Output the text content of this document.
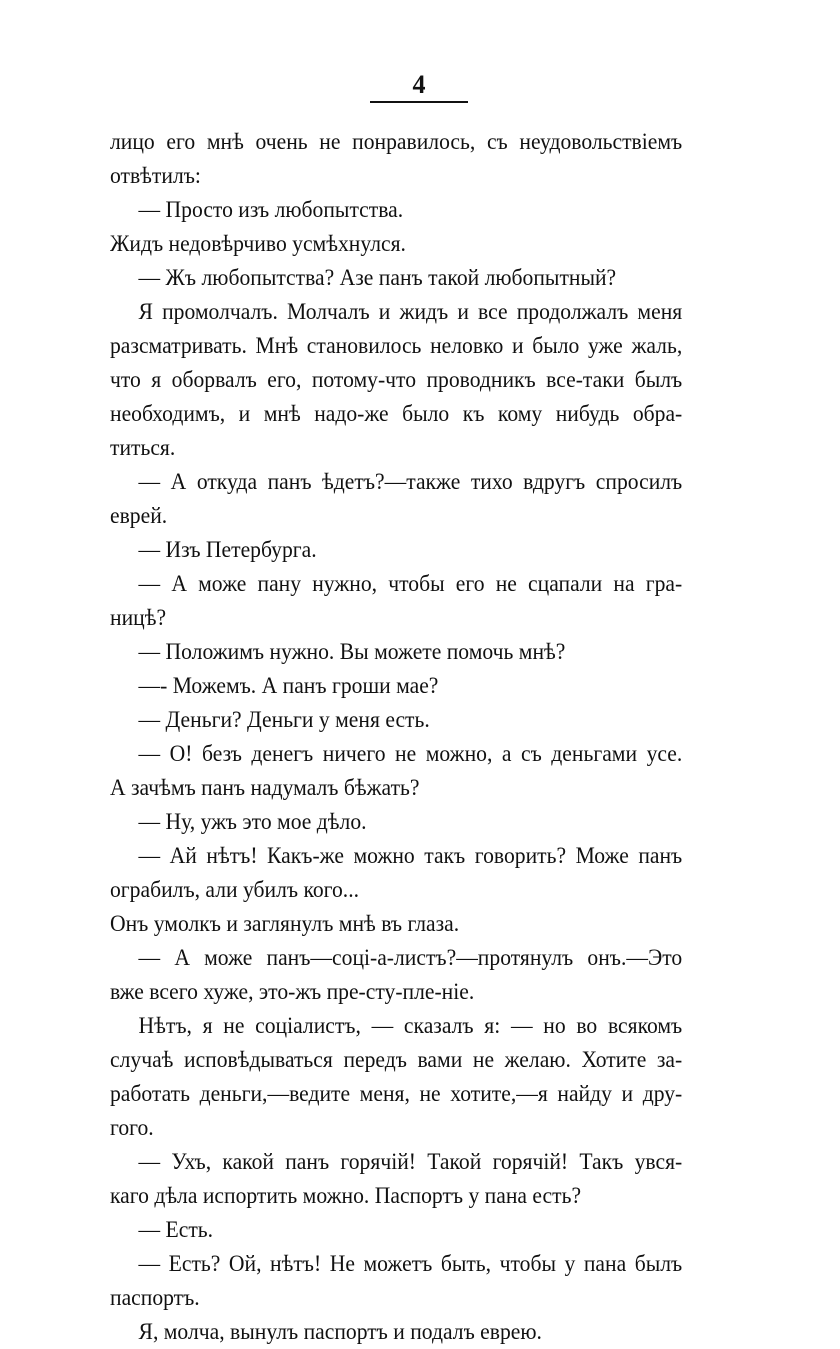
4
лицо его мнѣ очень не понравилось, съ неудовольствіемъ
отвѣтилъ:
— Просто изъ любопытства.
Жидъ недовѣрчиво усмѣхнулся.
— Жъ любопытства? Азе панъ такой любопытный?
Я промолчалъ. Молчалъ и жидъ и все продолжалъ меня
разсматривать. Мнѣ становилось неловко и было уже жаль,
что я оборвалъ его, потому-что проводникъ все-таки былъ
необходимъ, и мнѣ надо-же было къ кому нибудь обра-
титься.
— А откуда панъ ѣдетъ?—также тихо вдругъ спросилъ
еврей.
— Изъ Петербурга.
— А може пану нужно, чтобы его не сцапали на гра-
ницѣ?
— Положимъ нужно. Вы можете помочь мнѣ?
—- Можемъ. А панъ гроши мае?
— Деньги? Деньги у меня есть.
— О! безъ денегъ ничего не можно, а съ деньгами усе.
А зачѣмъ панъ надумалъ бѣжать?
— Ну, ужъ это мое дѣло.
— Ай нѣтъ! Какъ-же можно такъ говорить? Може панъ
ограбилъ, али убилъ кого...
Онъ умолкъ и заглянулъ мнѣ въ глаза.
— А може панъ—соці-а-листъ?—протянулъ онъ.—Это
вже всего хуже, это-жъ пре-сту-пле-ніе.
Нѣтъ, я не соціалистъ, — сказалъ я: — но во всякомъ
случаѣ исповѣдываться передъ вами не желаю. Хотите за-
работать деньги,—ведите меня, не хотите,—я найду и дру-
гого.
— Ухъ, какой панъ горячій! Такой горячій! Такъ увся-
каго дѣла испортить можно. Паспортъ у пана есть?
— Есть.
— Есть? Ой, нѣтъ! Не можетъ быть, чтобы у пана былъ
паспортъ.
Я, молча, вынулъ паспортъ и подалъ еврею.
